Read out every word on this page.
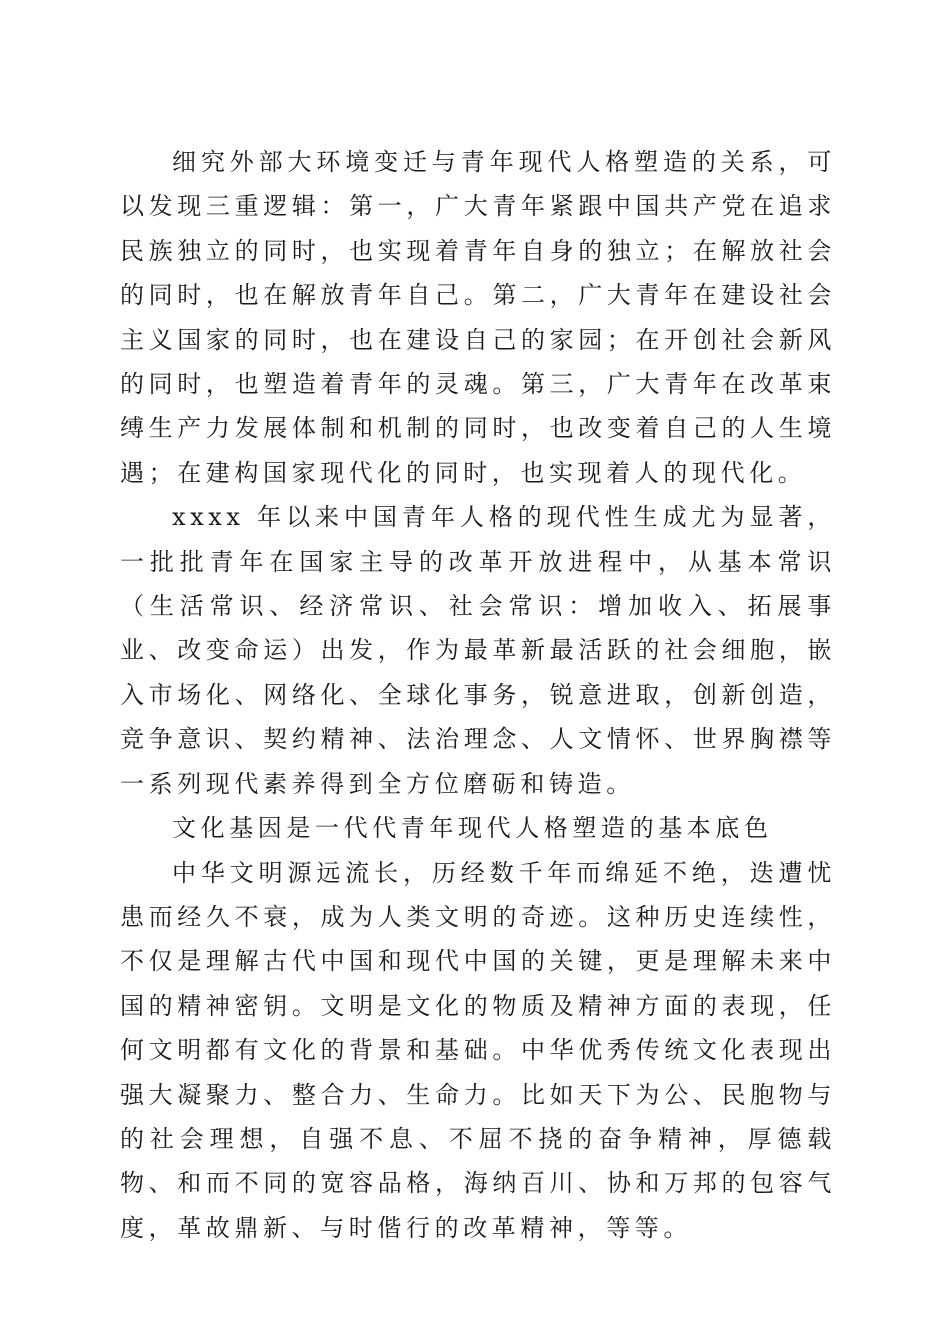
细究外部大环境变迁与青年现代人格塑造的关系，可以发现三重逻辑：第一，广大青年紧跟中国共产党在追求民族独立的同时，也实现着青年自身的独立；在解放社会的同时，也在解放青年自己。第二，广大青年在建设社会主义国家的同时，也在建设自己的家园；在开创社会新风的同时，也塑造着青年的灵魂。第三，广大青年在改革束缚生产力发展体制和机制的同时，也改变着自己的人生境遇；在建构国家现代化的同时，也实现着人的现代化。

xxxx 年以来中国青年人格的现代性生成尤为显著，一批批青年在国家主导的改革开放进程中，从基本常识（生活常识、经济常识、社会常识：增加收入、拓展事业、改变命运）出发，作为最革新最活跃的社会细胞，嵌入市场化、网络化、全球化事务，锐意进取，创新创造，竞争意识、契约精神、法治理念、人文情怀、世界胸襟等一系列现代素养得到全方位磨砺和铸造。

文化基因是一代代青年现代人格塑造的基本底色

中华文明源远流长，历经数千年而绵延不绝，迭遭忧患而经久不衰，成为人类文明的奇迹。这种历史连续性，不仅是理解古代中国和现代中国的关键，更是理解未来中国的精神密钥。文明是文化的物质及精神方面的表现，任何文明都有文化的背景和基础。中华优秀传统文化表现出强大凝聚力、整合力、生命力。比如天下为公、民胞物与的社会理想，自强不息、不屈不挠的奋争精神，厚德载物、和而不同的宽容品格，海纳百川、协和万邦的包容气度，革故鼎新、与时偕行的改革精神，等等。
